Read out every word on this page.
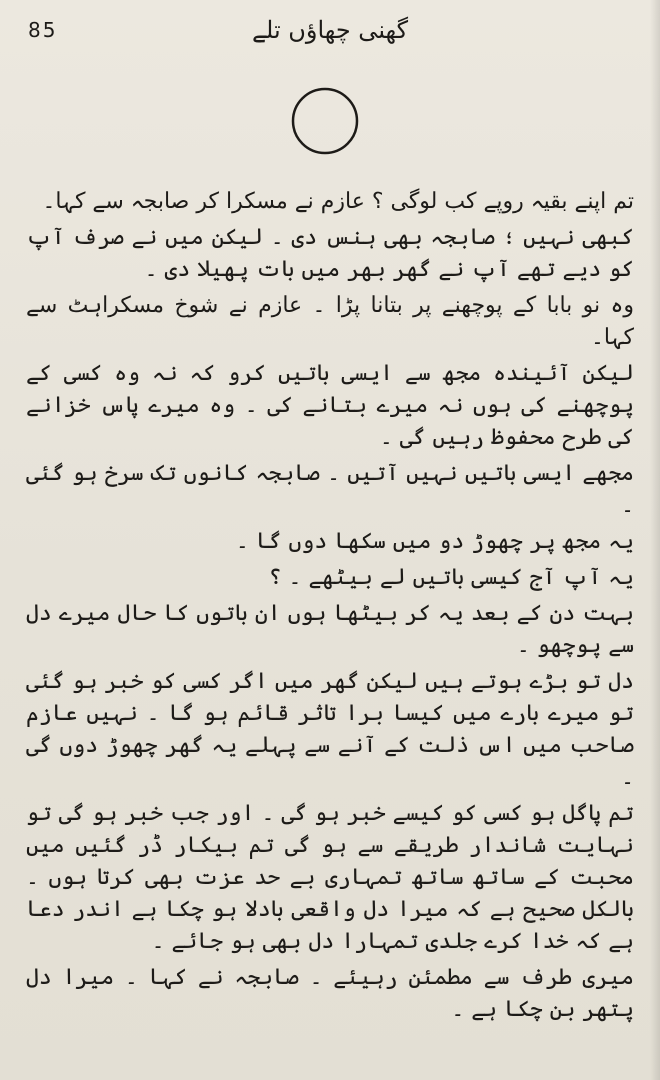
85	گھنی چھاؤں تلے

تم اپنے بقیہ روپے کب لوگی ؟ عازم نے مسکرا کر صابجہ سے کہا۔

کبھی نہیں ؛ صابجہ بھی ہنس دی ۔ لیکن میں نے صرف آپ کو دیے تھے آپ نے گھر بھر میں بات پھیلا دی ۔

وہ نو بابا کے پوچھنے پر بتانا پڑا ۔ عازم نے شوخ مسکراہٹ سے کہا۔

لیکن آئیندہ مجھ سے ایسی باتیں کرو کہ نہ وہ کسی کے پوچھنے کی ہوں نہ میرے بتانے کی ۔ وہ میرے پاس خزانے کی طرح محفوظ رہیں گی ۔

مجھے ایسی باتیں نہیں آتیں ۔ صابجہ کانوں تک سرخ ہو گئی ۔

یہ مجھ پر چھوڑ دو میں سکھا دوں گا ۔

یہ آپ آج کیسی باتیں لے بیٹھے ۔ ؟

بہت دن کے بعد یہ کر بیٹھا ہوں ان باتوں کا حال میرے دل سے پوچھو ۔

دل تو بڑے ہوتے ہیں لیکن گھر میں اگر کسی کو خبر ہو گئی تو میرے بارے میں کیسا برا تاثر قائم ہو گا ۔ نہیں عازم صاحب میں اس ذلت کے آنے سے پہلے یہ گھر چھوڑ دوں گی ۔

تم پاگل ہو کسی کو کیسے خبر ہو گی ۔ اور جب خبر ہو گی تو نہایت شاندار طریقے سے ہو گی تم بیکار ڈر گئیں میں محبت کے ساتھ ساتھ تمہاری بے حد عزت بھی کرتا ہوں ۔ بالکل صحیح ہے کہ میرا دل واقعی بادلا ہو چکا ہے اندر دعا ہے کہ خدا کرے جلدی تمہارا دل بھی ہو جائے ۔

میری طرف سے مطمئن رہیئے ۔ صابجہ نے کہا ۔ میرا دل پتھر بن چکا ہے ۔
